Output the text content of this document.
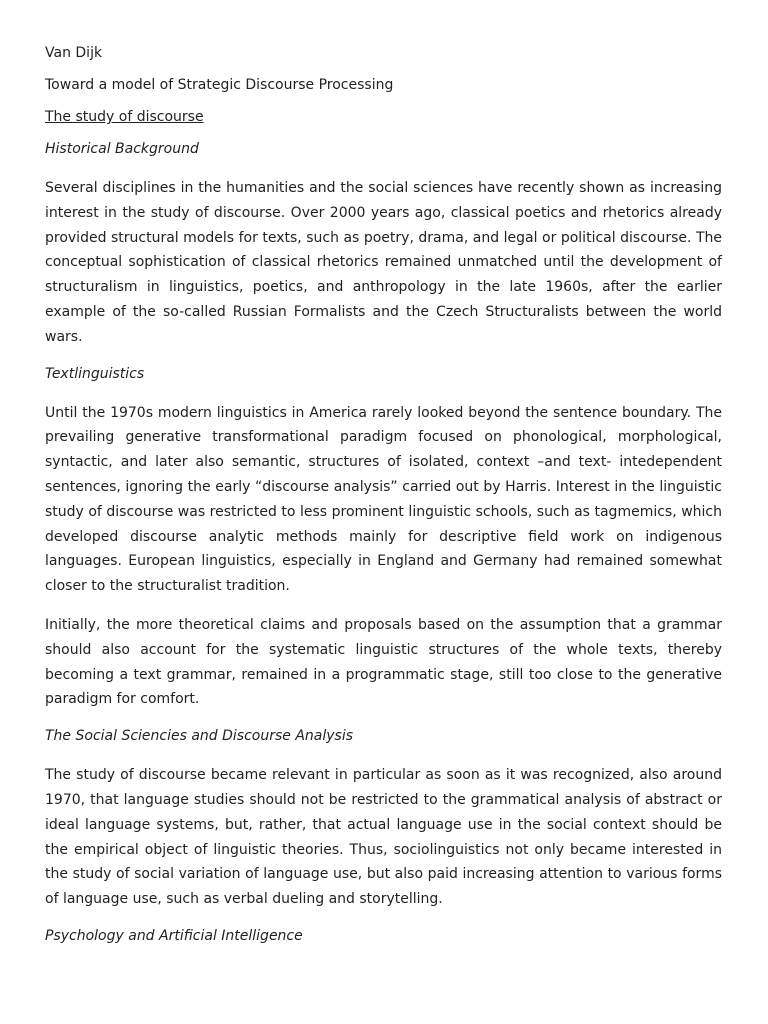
Van Dijk

Toward a model of Strategic Discourse Processing

The study of discourse

Historical Background

Several disciplines in the humanities and the social sciences have recently shown as increasing interest in the study of discourse. Over 2000 years ago, classical poetics and rhetorics already provided structural models for texts, such as poetry, drama, and legal or political discourse. The conceptual sophistication of classical rhetorics remained unmatched until the development of structuralism in linguistics, poetics, and anthropology in the late 1960s, after the earlier example of the so-called Russian Formalists and the Czech Structuralists between the world wars.

Textlinguistics

Until the 1970s modern linguistics in America rarely looked beyond the sentence boundary. The prevailing generative transformational paradigm focused on phonological, morphological, syntactic, and later also semantic, structures of isolated, context –and text- intedependent sentences, ignoring the early “discourse analysis” carried out by Harris. Interest in the linguistic study of discourse was restricted to less prominent linguistic schools, such as tagmemics, which developed discourse analytic methods mainly for descriptive field work on indigenous languages. European linguistics, especially in England and Germany had remained somewhat closer to the structuralist tradition.

Initially, the more theoretical claims and proposals based on the assumption that a grammar should also account for the systematic linguistic structures of the whole texts, thereby becoming a text grammar, remained in a programmatic stage, still too close to the generative paradigm for comfort.

The Social Sciencies and Discourse Analysis

The study of discourse became relevant in particular as soon as it was recognized, also around 1970, that language studies should not be restricted to the grammatical analysis of abstract or ideal language systems, but, rather, that actual language use in the social context should be the empirical object of linguistic theories. Thus, sociolinguistics not only became interested in the study of social variation of language use, but also paid increasing attention to various forms of language use, such as verbal dueling and storytelling.

Psychology and Artificial Intelligence
